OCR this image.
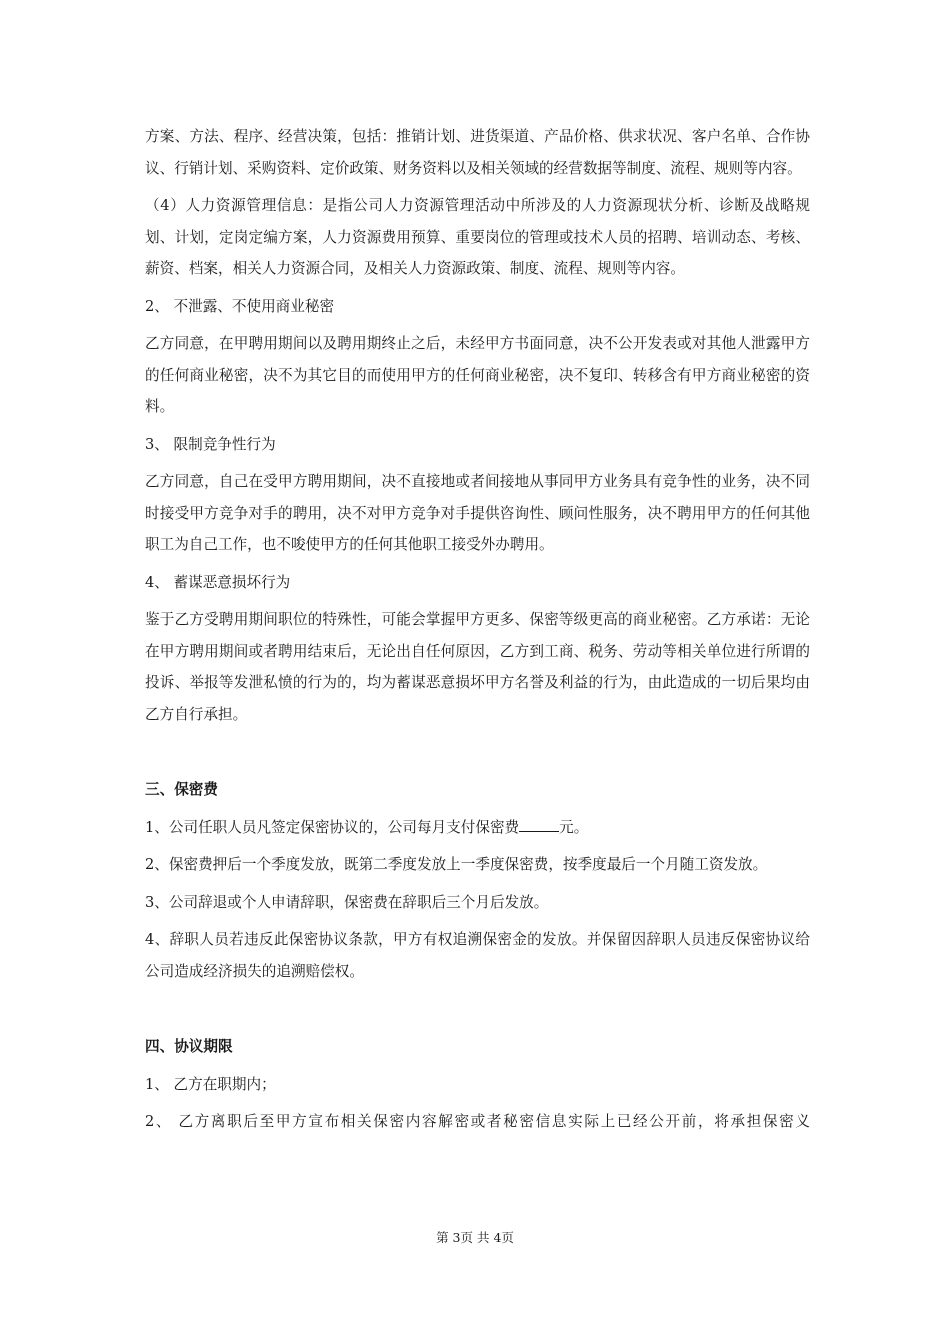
方案、方法、程序、经营决策，包括：推销计划、进货渠道、产品价格、供求状况、客户名单、合作协议、行销计划、采购资料、定价政策、财务资料以及相关领域的经营数据等制度、流程、规则等内容。

（4）人力资源管理信息：是指公司人力资源管理活动中所涉及的人力资源现状分析、诊断及战略规划、计划，定岗定编方案，人力资源费用预算、重要岗位的管理或技术人员的招聘、培训动态、考核、薪资、档案，相关人力资源合同，及相关人力资源政策、制度、流程、规则等内容。

2、 不泄露、不使用商业秘密

乙方同意，在甲聘用期间以及聘用期终止之后，未经甲方书面同意，决不公开发表或对其他人泄露甲方的任何商业秘密，决不为其它目的而使用甲方的任何商业秘密，决不复印、转移含有甲方商业秘密的资料。

3、 限制竞争性行为

乙方同意，自己在受甲方聘用期间，决不直接地或者间接地从事同甲方业务具有竞争性的业务，决不同时接受甲方竞争对手的聘用，决不对甲方竞争对手提供咨询性、顾问性服务，决不聘用甲方的任何其他职工为自己工作，也不唆使甲方的任何其他职工接受外办聘用。

4、 蓄谋恶意损坏行为

鉴于乙方受聘用期间职位的特殊性，可能会掌握甲方更多、保密等级更高的商业秘密。乙方承诺：无论在甲方聘用期间或者聘用结束后，无论出自任何原因，乙方到工商、税务、劳动等相关单位进行所谓的投诉、举报等发泄私愤的行为的，均为蓄谋恶意损坏甲方名誉及利益的行为，由此造成的一切后果均由乙方自行承担。

三、保密费

1、公司任职人员凡签定保密协议的，公司每月支付保密费	元。

2、保密费押后一个季度发放，既第二季度发放上一季度保密费，按季度最后一个月随工资发放。

3、公司辞退或个人申请辞职，保密费在辞职后三个月后发放。

4、辞职人员若违反此保密协议条款，甲方有权追溯保密金的发放。并保留因辞职人员违反保密协议给公司造成经济损失的追溯赔偿权。

四、协议期限

1、 乙方在职期内；

2、 乙方离职后至甲方宣布相关保密内容解密或者秘密信息实际上已经公开前，将承担保密义

第 3页 共 4页
